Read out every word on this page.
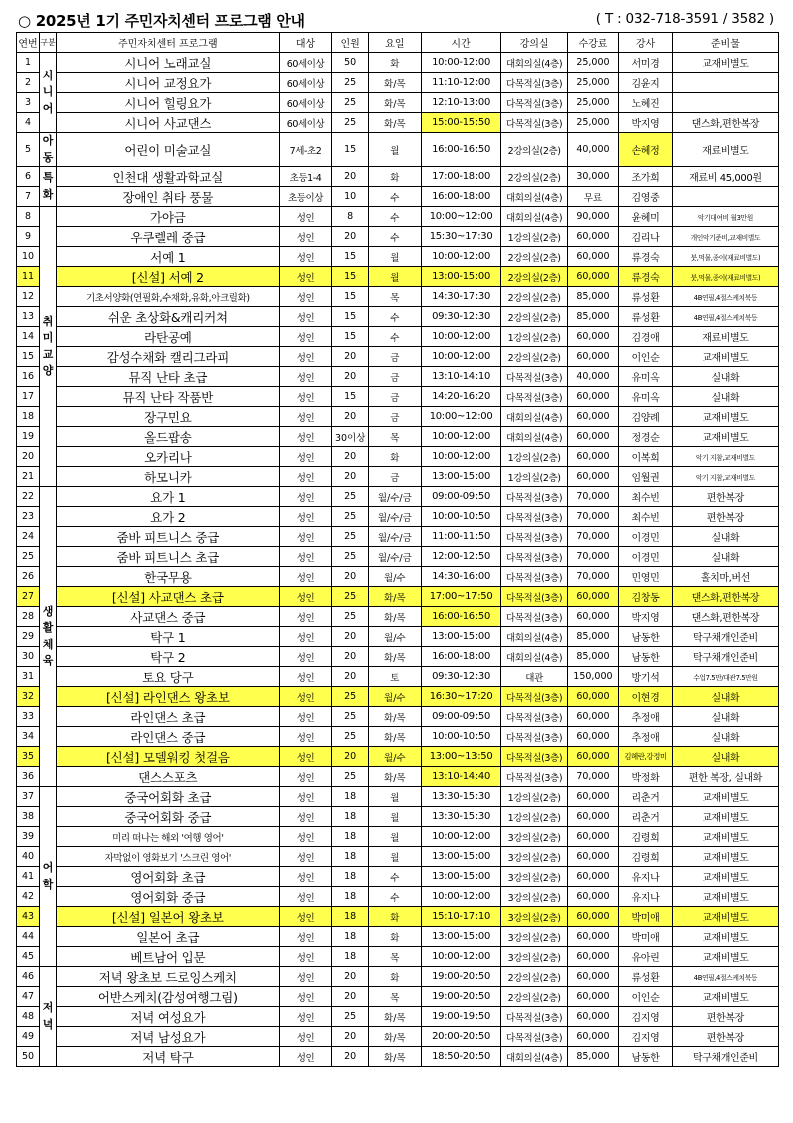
○ 2025년 1기 주민자치센터 프로그램 안내	( T : 032-718-3591 / 3582 )
연번	구분	주민자치센터 프로그램	대상	인원	요일	시간	강의실	수강료	강사	준비물
1	시니어	시니어 노래교실	60세이상	50	화	10:00-12:00	대회의실(4층)	25,000	서미경	교재비별도
2		시니어 교정요가	60세이상	25	화/목	11:10-12:00	다목적실(3층)	25,000	김윤지	
3		시니어 힐링요가	60세이상	25	화/목	12:10-13:00	다목적실(3층)	25,000	노혜진	
4		시니어 사교댄스	60세이상	25	화/목	15:00-15:50	다목적실(3층)	25,000	박지영	댄스화,편한복장
5	아동	어린이 미술교실	7세-초2	15	월	16:00-16:50	2강의실(2층)	40,000	손혜정	재료비별도
6	특화	인천대 생활과학교실	초등1-4	20	화	17:00-18:00	2강의실(2층)	30,000	조가희	재료비 45,000원
7		장애인 취타 풍물	초등이상	10	수	16:00-18:00	대회의실(4층)	무료	김영중	
8	취미교양	가야금	성인	8	수	10:00~12:00	대회의실(4층)	90,000	윤혜미	악기대여비 월3만원
9		우쿠렐레 중급	성인	20	수	15:30~17:30	1강의실(2층)	60,000	김리나	개인악기준비,교재비별도
10		서예 1	성인	15	월	10:00-12:00	2강의실(2층)	60,000	류경숙	붓,먹물,종이(재료비별도)
11		[신설] 서예 2	성인	15	월	13:00-15:00	2강의실(2층)	60,000	류경숙	붓,먹물,종이(재료비별도)
12		기초서양화(연필화,수채화,유화,아크릴화)	성인	15	목	14:30-17:30	2강의실(2층)	85,000	류성환	4B연필,4절스케치북등
13		쉬운 초상화&캐리커쳐	성인	15	수	09:30-12:30	2강의실(2층)	85,000	류성환	4B연필,4절스케치북등
14		라탄공예	성인	15	수	10:00-12:00	1강의실(2층)	60,000	김경애	재료비별도
15		감성수채화 캘리그라피	성인	20	금	10:00-12:00	2강의실(2층)	60,000	이인순	교재비별도
16		뮤직 난타 초급	성인	20	금	13:10-14:10	다목적실(3층)	40,000	유미옥	실내화
17		뮤직 난타 작품반	성인	15	금	14:20-16:20	다목적실(3층)	60,000	유미옥	실내화
18		장구민요	성인	20	금	10:00~12:00	대회의실(4층)	60,000	김양례	교재비별도
19		올드팝송	성인	30이상	목	10:00-12:00	대회의실(4층)	60,000	정경순	교재비별도
20		오카리나	성인	20	화	10:00-12:00	1강의실(2층)	60,000	이복희	악기 지참,교재비별도
21		하모니카	성인	20	금	13:00-15:00	1강의실(2층)	60,000	임월권	악기 지참,교재비별도
22	생활체육	요가 1	성인	25	월/수/금	09:00-09:50	다목적실(3층)	70,000	최수빈	편한복장
23		요가 2	성인	25	월/수/금	10:00-10:50	다목적실(3층)	70,000	최수빈	편한복장
24		줌바 피트니스 중급	성인	25	월/수/금	11:00-11:50	다목적실(3층)	70,000	이경민	실내화
25		줌바 피트니스 초급	성인	25	월/수/금	12:00-12:50	다목적실(3층)	70,000	이경민	실내화
26		한국무용	성인	20	월/수	14:30-16:00	다목적실(3층)	70,000	민영민	홀치마,버선
27		[신설] 사교댄스 초급	성인	25	화/목	17:00~17:50	다목적실(3층)	60,000	김창동	댄스화,편한복장
28		사교댄스 중급	성인	25	화/목	16:00-16:50	다목적실(3층)	60,000	박지영	댄스화,편한복장
29		탁구 1	성인	20	월/수	13:00-15:00	대회의실(4층)	85,000	남동한	탁구채개인준비
30		탁구 2	성인	20	화/목	16:00-18:00	대회의실(4층)	85,000	남동한	탁구채개인준비
31		토요 당구	성인	20	토	09:30-12:30	대관	150,000	방기석	수업7.5만/대관7.5만원
32		[신설] 라인댄스 왕초보	성인	25	월/수	16:30~17:20	다목적실(3층)	60,000	이현경	실내화
33		라인댄스 초급	성인	25	화/목	09:00-09:50	다목적실(3층)	60,000	추정애	실내화
34		라인댄스 중급	성인	25	화/목	10:00-10:50	다목적실(3층)	60,000	추정애	실내화
35		[신설] 모델워킹 첫걸음	성인	20	월/수	13:00~13:50	다목적실(3층)	60,000	김혜란,강정미	실내화
36		댄스스포츠	성인	25	화/목	13:10-14:40	다목적실(3층)	70,000	박정화	편한 복장, 실내화
37	어학	중국어회화 초급	성인	18	월	13:30-15:30	1강의실(2층)	60,000	리춘거	교재비별도
38		중국어회화 중급	성인	18	월	13:30-15:30	1강의실(2층)	60,000	리춘거	교재비별도
39		미리 떠나는 해외 '여행 영어'	성인	18	월	10:00-12:00	3강의실(2층)	60,000	김령희	교재비별도
40		자막없이 영화보기 '스크린 영어'	성인	18	월	13:00-15:00	3강의실(2층)	60,000	김령희	교재비별도
41		영어회화 초급	성인	18	수	13:00-15:00	3강의실(2층)	60,000	유지나	교재비별도
42		영어회화 중급	성인	18	수	10:00-12:00	3강의실(2층)	60,000	유지나	교재비별도
43		[신설] 일본어 왕초보	성인	18	화	15:10-17:10	3강의실(2층)	60,000	박미애	교재비별도
44		일본어 초급	성인	18	화	13:00-15:00	3강의실(2층)	60,000	박미애	교재비별도
45		베트남어 입문	성인	18	목	10:00-12:00	3강의실(2층)	60,000	유아린	교재비별도
46	저녁	저녁 왕초보 드로잉스케치	성인	20	화	19:00-20:50	2강의실(2층)	60,000	류성환	4B연필,4절스케치북등
47		어반스케치(감성여행그림)	성인	20	목	19:00-20:50	2강의실(2층)	60,000	이인순	교재비별도
48		저녁 여성요가	성인	25	화/목	19:00-19:50	다목적실(3층)	60,000	김지영	편한복장
49		저녁 남성요가	성인	20	화/목	20:00-20:50	다목적실(3층)	60,000	김지영	편한복장
50		저녁 탁구	성인	20	화/목	18:50-20:50	대회의실(4층)	85,000	남동한	탁구채개인준비
